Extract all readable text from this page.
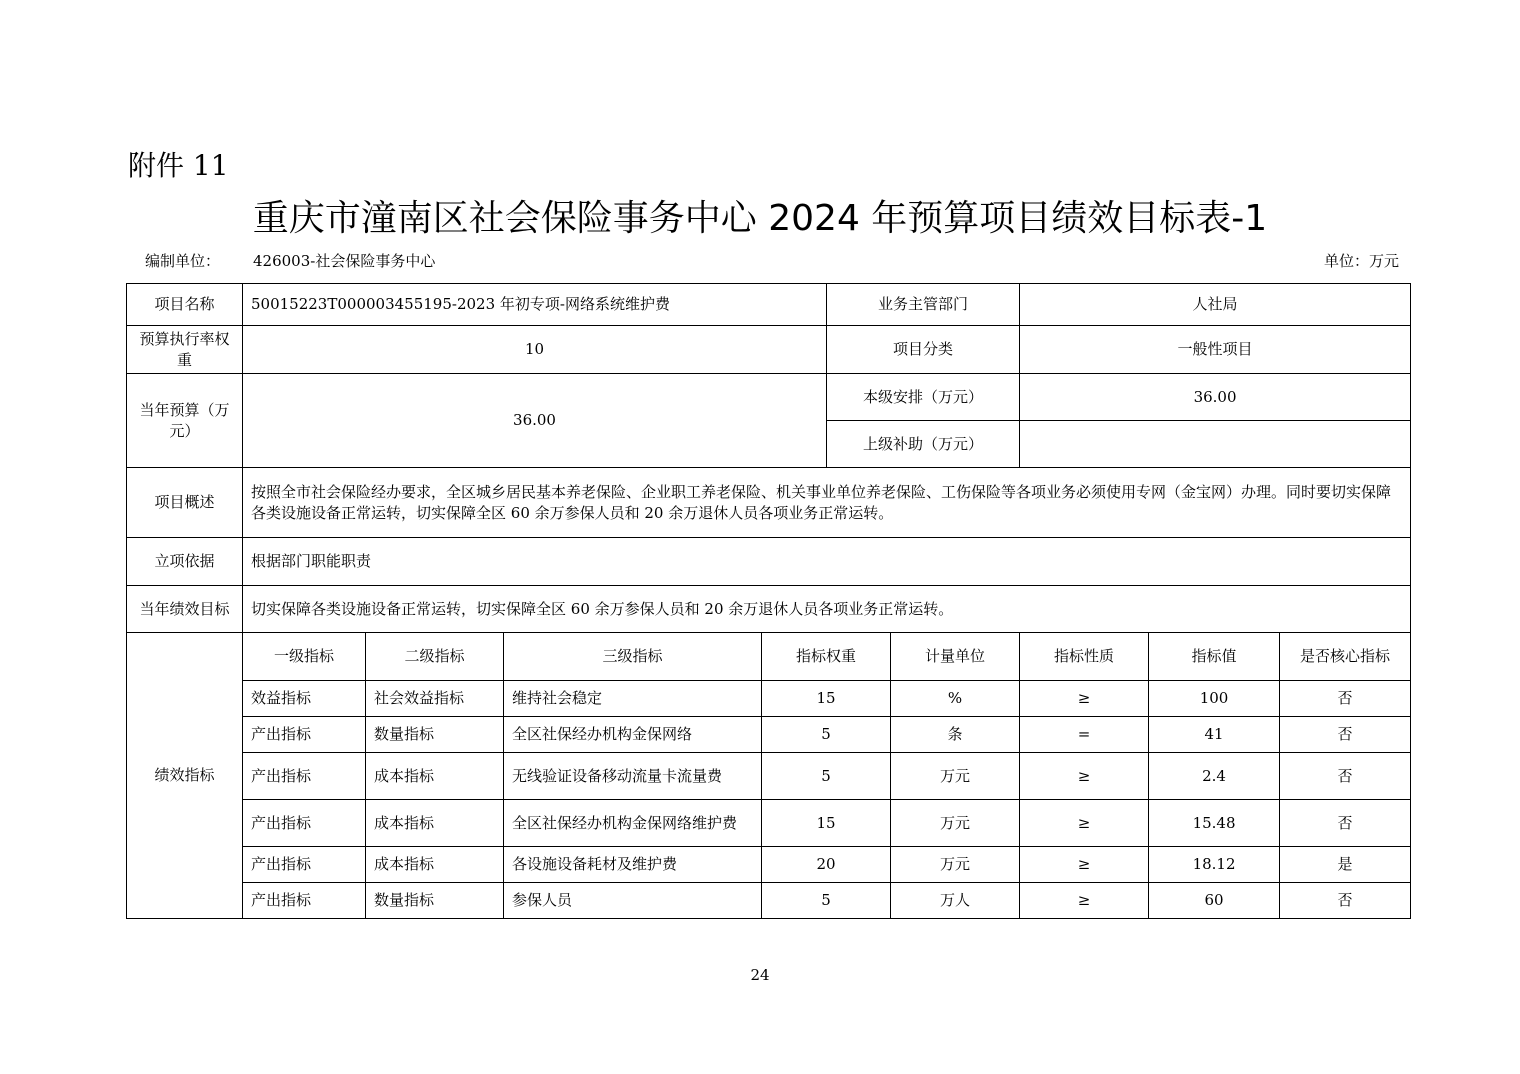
附件 11
重庆市潼南区社会保险事务中心 2024 年预算项目绩效目标表-1
编制单位： 426003-社会保险事务中心	单位：万元
项目名称	50015223T000003455195-2023 年初专项-网络系统维护费				业务主管部门		人社局		
预算执行率权重	10				项目分类		一般性项目		
当年预算（万元）	36.00				本级安排（万元）		36.00		
					上级补助（万元）				
项目概述	按照全市社会保险经办要求，全区城乡居民基本养老保险、企业职工养老保险、机关事业单位养老保险、工伤保险等各项业务必须使用专网（金宝网）办理。同时要切实保障各类设施设备正常运转，切实保障全区 60 余万参保人员和 20 余万退休人员各项业务正常运转。								
立项依据	根据部门职能职责								
当年绩效目标	切实保障各类设施设备正常运转，切实保障全区 60 余万参保人员和 20 余万退休人员各项业务正常运转。								
绩效指标	一级指标	二级指标	三级指标	指标权重		计量单位	指标性质	指标值	是否核心指标
	效益指标	社会效益指标	维持社会稳定	15		%	≥	100	否
	产出指标	数量指标	全区社保经办机构金保网络	5		条	=	41	否
	产出指标	成本指标	无线验证设备移动流量卡流量费	5		万元	≥	2.4	否
	产出指标	成本指标	全区社保经办机构金保网络维护费	15		万元	≥	15.48	否
	产出指标	成本指标	各设施设备耗材及维护费	20		万元	≥	18.12	是
	产出指标	数量指标	参保人员	5		万人	≥	60	否
24
